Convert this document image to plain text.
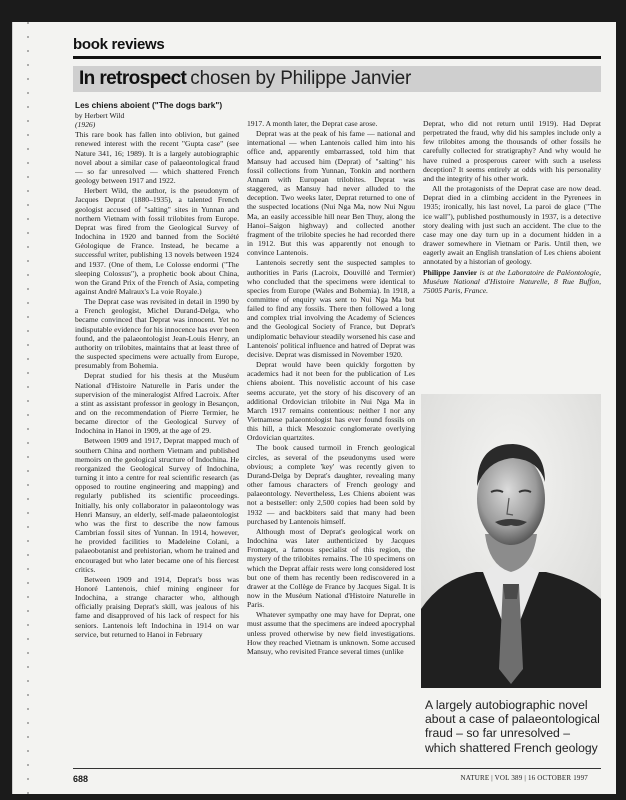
book reviews
In retrospect chosen by Philippe Janvier
Les chiens aboient ("The dogs bark")
by Herbert Wild
(1926)

This rare book has fallen into oblivion, but gained renewed interest with the recent "Gupta case" (see Nature 341, 16; 1989). It is a largely autobiographic novel about a similar case of palaeontological fraud — so far unresolved — which shattered French geology between 1917 and 1922.

Herbert Wild, the author, is the pseudonym of Jacques Deprat (1880–1935), a talented French geologist accused of "salting" sites in Yunnan and northern Vietnam with fossil trilobites from Europe. Deprat was fired from the Geological Survey of Indochina in 1920 and banned from the Société Géologique de France. Instead, he became a successful writer, publishing 13 novels between 1924 and 1937. (One of them, Le Colosse endormi ("The sleeping Colossus"), a prophetic book about China, won the Grand Prix of the French of Asia, competing against André Malraux's La voie Royale.)

The Deprat case was revisited in detail in 1990 by a French geologist, Michel Durand-Delga, who became convinced that Deprat was innocent. Yet no indisputable evidence for his innocence has ever been found, and the palaeontologist Jean-Louis Henry, an authority on trilobites, maintains that at least three of the suspected specimens were actually from Europe, presumably from Bohemia.

Deprat studied for his thesis at the Muséum National d'Histoire Naturelle in Paris under the supervision of the mineralogist Alfred Lacroix. After a stint as assistant professor in geology in Besançon, and on the recommendation of Pierre Termier, he became director of the Geological Survey of Indochina in Hanoi in 1909, at the age of 29.

Between 1909 and 1917, Deprat mapped much of southern China and northern Vietnam and published memoirs on the geological structure of Indochina. He reorganized the Geological Survey of Indochina, turning it into a centre for real scientific research (as opposed to routine engineering and mapping) and regularly published its scientific proceedings. Initially, his only collaborator in palaeontology was Henri Mansuy, an elderly, self-made palaeontologist who was the first to describe the now famous Cambrian fossil sites of Yunnan. In 1914, however, he provided facilities to Madeleine Colani, a palaeobotanist and prehistorian, whom he trained and encouraged but who later became one of his fiercest critics.

Between 1909 and 1914, Deprat's boss was Honoré Lantenois, chief mining engineer for Indochina, a strange character who, although officially praising Deprat's skill, was jealous of his fame and disapproved of his lack of respect for his seniors. Lantenois left Indochina in 1914 on war service, but returned to Hanoi in February

1917. A month later, the Deprat case arose.

Deprat was at the peak of his fame — national and international — when Lantenois called him into his office and, apparently embarrassed, told him that Mansuy had accused him (Deprat) of "salting" his fossil collections from Yunnan, Tonkin and northern Annam with European trilobites. Deprat was staggered, as Mansuy had never alluded to the deception. Two weeks later, Deprat returned to one of the suspected locations (Nui Nga Ma, now Nui Nguu Ma, an easily accessible hill near Ben Thuy, along the Hanoi–Saigon highway) and collected another fragment of the trilobite species he had recorded there in 1912. But this was apparently not enough to convince Lantenois.

Lantenois secretly sent the suspected samples to authorities in Paris (Lacroix, Douvillé and Termier) who concluded that the specimens were identical to species from Europe (Wales and Bohemia). In 1918, a committee of enquiry was sent to Nui Nga Ma but failed to find any fossils. There then followed a long and complex trial involving the Academy of Sciences and the Geological Society of France, but Deprat's undiplomatic behaviour steadily worsened his case and Lantenois' political influence and hatred of Deprat was decisive. Deprat was dismissed in November 1920.

Deprat would have been quickly forgotten by academics had it not been for the publication of Les chiens aboient. This novelistic account of his case seems accurate, yet the story of his discovery of an additional Ordovician trilobite in Nui Nga Ma in March 1917 remains contentious: neither I nor any Vietnamese palaeontologist has ever found fossils on this hill, a thick Mesozoic conglomerate overlying Ordovician quartzites.

The book caused turmoil in French geological circles, as several of the pseudonyms used were obvious; a complete 'key' was recently given to Durand-Delga by Deprat's daughter, revealing many other famous characters of French geology and palaeontology. Nevertheless, Les Chiens aboient was not a bestseller: only 2,500 copies had been sold by 1932 — and backbiters said that many had been purchased by Lantenois himself.

Although most of Deprat's geological work on Indochina was later authenticized by Jacques Fromaget, a famous specialist of this region, the mystery of the trilobites remains. The 10 specimens on which the Deprat affair rests were long considered lost but one of them has recently been rediscovered in a drawer at the Collège de France by Jacques Sigal. It is now in the Muséum National d'Histoire Naturelle in Paris.

Whatever sympathy one may have for Deprat, one must assume that the specimens are indeed apocryphal unless proved otherwise by new field investigations. How they reached Vietnam is unknown. Some accused Mansuy, who revisited France several times (unlike

Deprat, who did not return until 1919). Had Deprat perpetrated the fraud, why did his samples include only a few trilobites among the thousands of other fossils he carefully collected for stratigraphy? And why would he have ruined a prosperous career with such a useless deception? It seems entirely at odds with his personality and the integrity of his other work.

All the protagonists of the Deprat case are now dead. Deprat died in a climbing accident in the Pyrenees in 1935; ironically, his last novel, La paroi de glace ("The ice wall"), published posthumously in 1937, is a detective story dealing with just such an accident. The clue to the case may one day turn up in a document hidden in a drawer somewhere in Vietnam or Paris. Until then, we eagerly await an English translation of Les chiens aboient annotated by a historian of geology.

Philippe Janvier is at the Laboratoire de Paléontologie, Muséum National d'Histoire Naturelle, 8 Rue Buffon, 75005 Paris, France.

A largely autobiographic novel about a case of palaeontological fraud – so far unresolved – which shattered French geology
688	NATURE | VOL 389 | 16 OCTOBER 1997
